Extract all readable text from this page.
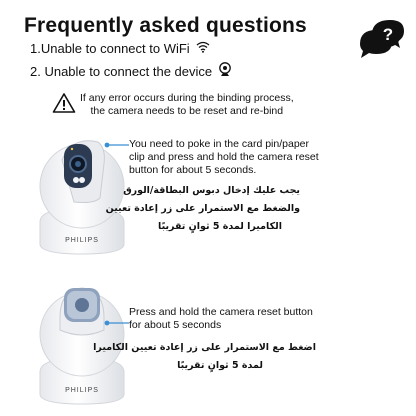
Frequently asked questions	?
1.Unable to connect to WiFi
2. Unable to connect the device
If any error occurs during the binding process,
the camera needs to be reset and re-bind
PHILIPS
You need to poke in the card pin/paper
clip and press and hold the camera reset
button for about 5 seconds.
يجب عليك إدخال دبوس البطاقة/الورق
والضغط مع الاستمرار على زر إعادة تعيين
الكاميرا لمدة 5 ثوانٍ تقريبًا
PHILIPS
Press and hold the camera reset button
for about 5 seconds
اضغط مع الاستمرار على زر إعادة تعيين الكاميرا
لمدة 5 ثوانٍ تقريبًا
